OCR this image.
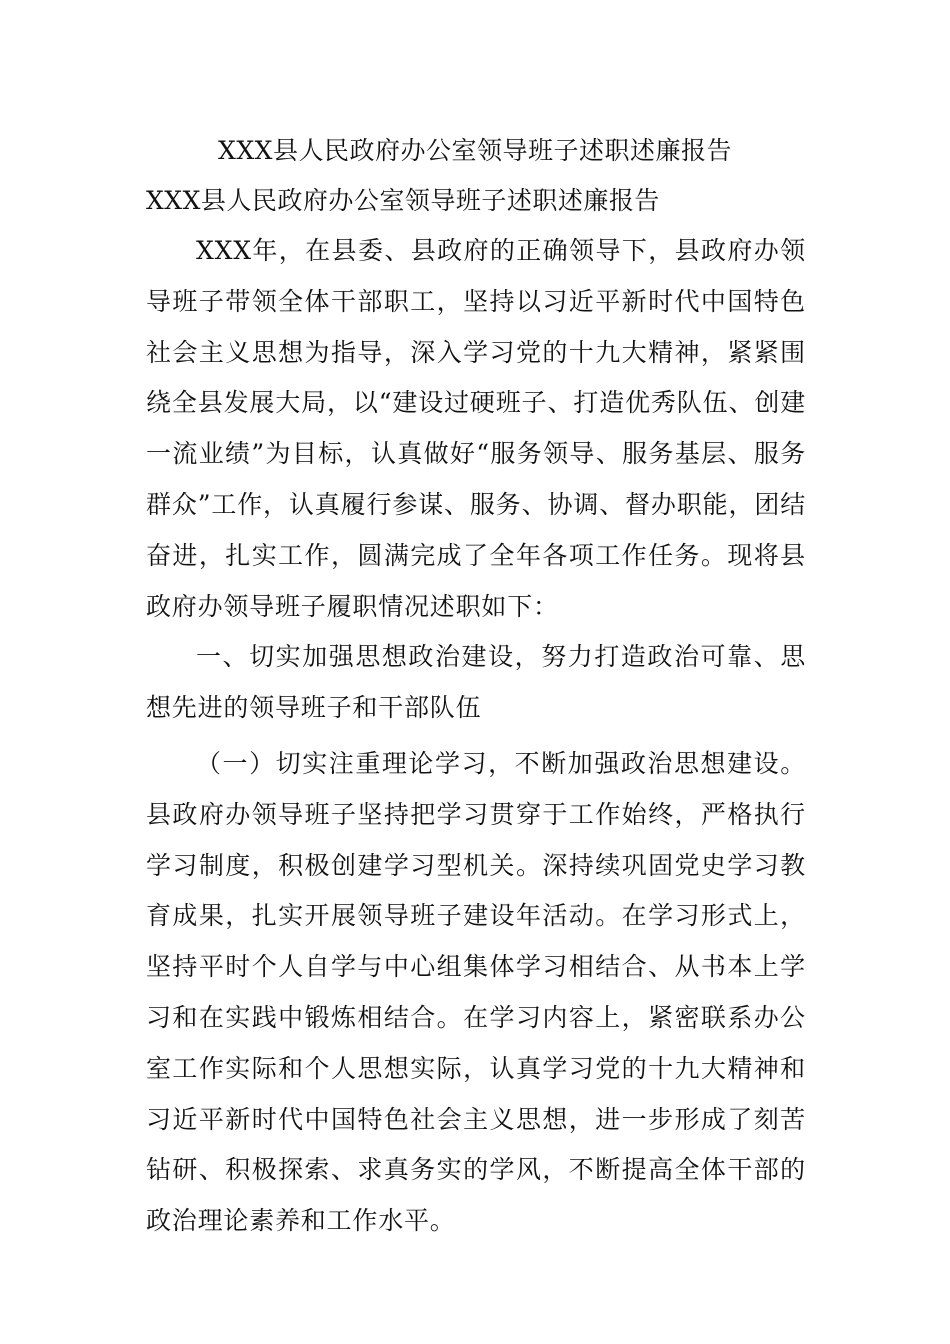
XXX县人民政府办公室领导班子述职述廉报告
XXX县人民政府办公室领导班子述职述廉报告

XXX年，在县委、县政府的正确领导下，县政府办领导班子带领全体干部职工，坚持以习近平新时代中国特色社会主义思想为指导，深入学习党的十九大精神，紧紧围绕全县发展大局，以“建设过硬班子、打造优秀队伍、创建一流业绩”为目标，认真做好“服务领导、服务基层、服务群众”工作，认真履行参谋、服务、协调、督办职能，团结奋进，扎实工作，圆满完成了全年各项工作任务。现将县政府办领导班子履职情况述职如下：

一、切实加强思想政治建设，努力打造政治可靠、思想先进的领导班子和干部队伍

（一）切实注重理论学习，不断加强政治思想建设。县政府办领导班子坚持把学习贯穿于工作始终，严格执行学习制度，积极创建学习型机关。深持续巩固党史学习教育成果，扎实开展领导班子建设年活动。在学习形式上，坚持平时个人自学与中心组集体学习相结合、从书本上学习和在实践中锻炼相结合。在学习内容上，紧密联系办公室工作实际和个人思想实际，认真学习党的十九大精神和习近平新时代中国特色社会主义思想，进一步形成了刻苦钻研、积极探索、求真务实的学风，不断提高全体干部的政治理论素养和工作水平。
